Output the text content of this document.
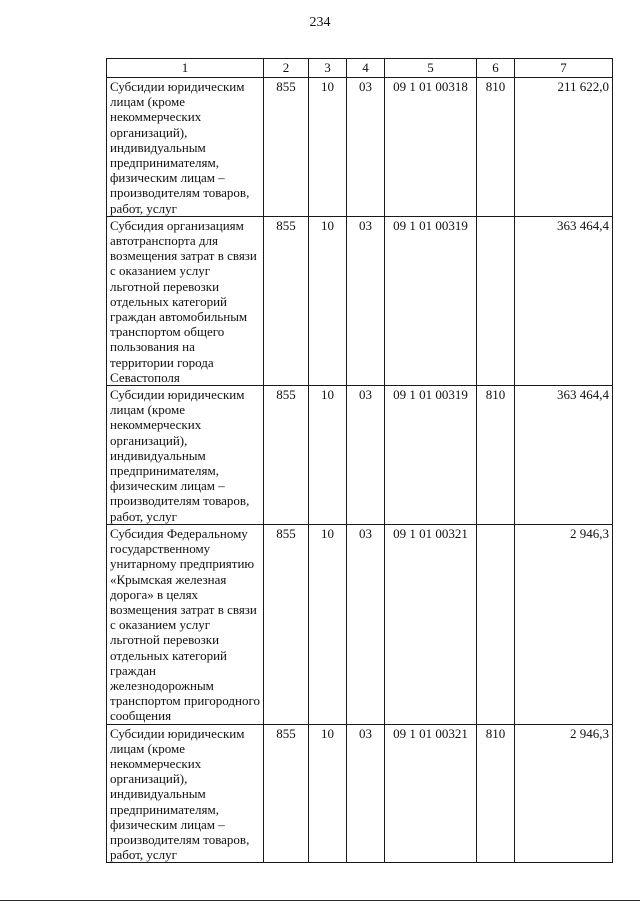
234
1	2	3	4	5	6	7
Субсидии юридическим лицам (кроме некоммерческих организаций), индивидуальным предпринимателям, физическим лицам – производителям товаров, работ, услуг	855	10	03	09 1 01 00318	810	211 622,0
Субсидия организациям автотранспорта для возмещения затрат в связи с оказанием услуг льготной перевозки отдельных категорий граждан автомобильным транспортом общего пользования на территории города Севастополя	855	10	03	09 1 01 00319		363 464,4
Субсидии юридическим лицам (кроме некоммерческих организаций), индивидуальным предпринимателям, физическим лицам – производителям товаров, работ, услуг	855	10	03	09 1 01 00319	810	363 464,4
Субсидия Федеральному государственному унитарному предприятию «Крымская железная дорога» в целях возмещения затрат в связи с оказанием услуг льготной перевозки отдельных категорий граждан железнодорожным транспортом пригородного сообщения	855	10	03	09 1 01 00321		2 946,3
Субсидии юридическим лицам (кроме некоммерческих организаций), индивидуальным предпринимателям, физическим лицам – производителям товаров, работ, услуг	855	10	03	09 1 01 00321	810	2 946,3
